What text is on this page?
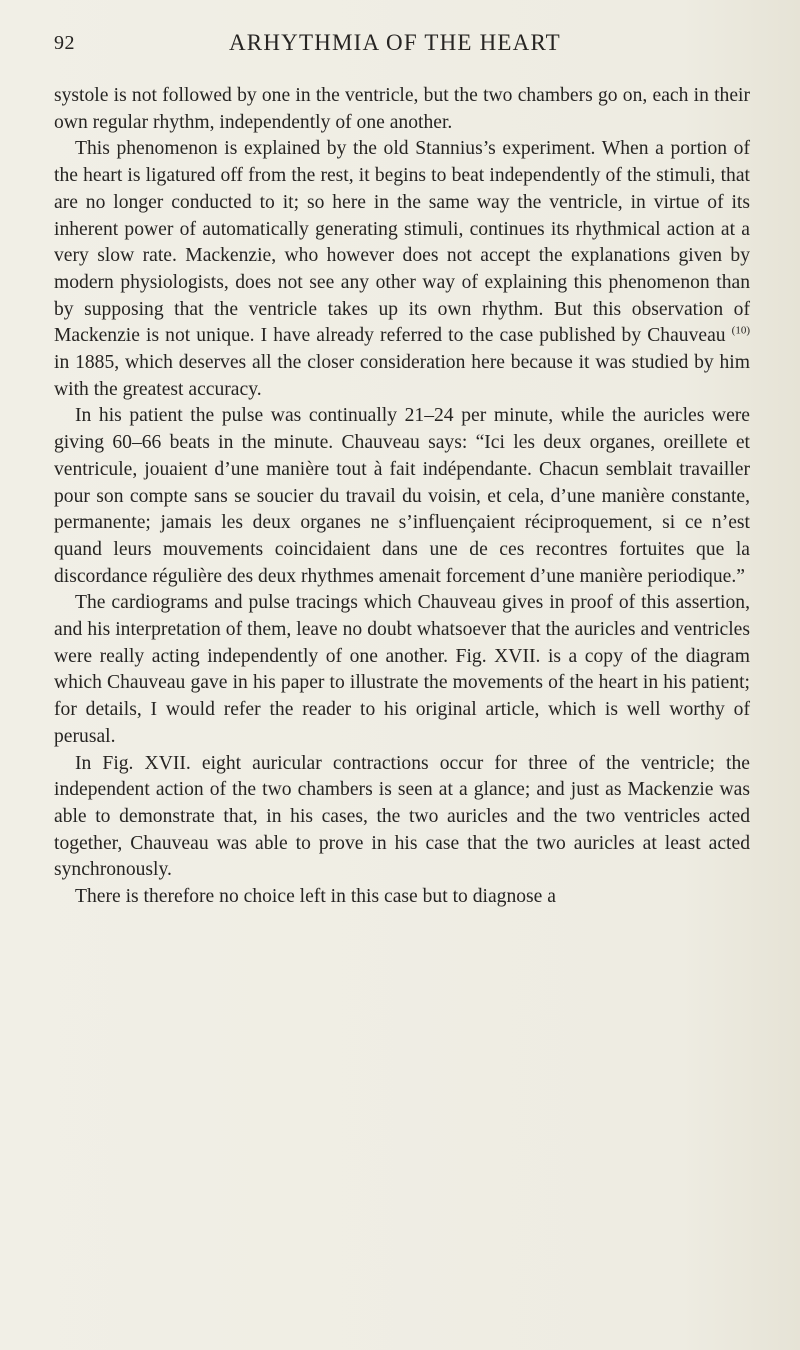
92	ARHYTHMIA OF THE HEART

systole is not followed by one in the ventricle, but the two chambers go on, each in their own regular rhythm, independently of one another.

This phenomenon is explained by the old Stannius’s experiment. When a portion of the heart is ligatured off from the rest, it begins to beat independently of the stimuli, that are no longer conducted to it; so here in the same way the ventricle, in virtue of its inherent power of automatically generating stimuli, continues its rhythmical action at a very slow rate. Mackenzie, who however does not accept the explanations given by modern physiologists, does not see any other way of explaining this phenomenon than by supposing that the ventricle takes up its own rhythm. But this observation of Mackenzie is not unique. I have already referred to the case published by Chauveau $^{(10)}$ in 1885, which deserves all the closer consideration here because it was studied by him with the greatest accuracy.

In his patient the pulse was continually 21–24 per minute, while the auricles were giving 60–66 beats in the minute. Chauveau says: “Ici les deux organes, oreillete et ventricule, jouaient d’une manière tout à fait indépendante. Chacun semblait travailler pour son compte sans se soucier du travail du voisin, et cela, d’une manière constante, permanente; jamais les deux organes ne s’influençaient réciproquement, si ce n’est quand leurs mouvements coincidaient dans une de ces recontres fortuites que la discordance régulière des deux rhythmes amenait forcement d’une manière periodique.”

The cardiograms and pulse tracings which Chauveau gives in proof of this assertion, and his interpretation of them, leave no doubt whatsoever that the auricles and ventricles were really acting independently of one another. Fig. XVII. is a copy of the diagram which Chauveau gave in his paper to illustrate the movements of the heart in his patient; for details, I would refer the reader to his original article, which is well worthy of perusal.

In Fig. XVII. eight auricular contractions occur for three of the ventricle; the independent action of the two chambers is seen at a glance; and just as Mackenzie was able to demonstrate that, in his cases, the two auricles and the two ventricles acted together, Chauveau was able to prove in his case that the two auricles at least acted synchronously.

There is therefore no choice left in this case but to diagnose a
